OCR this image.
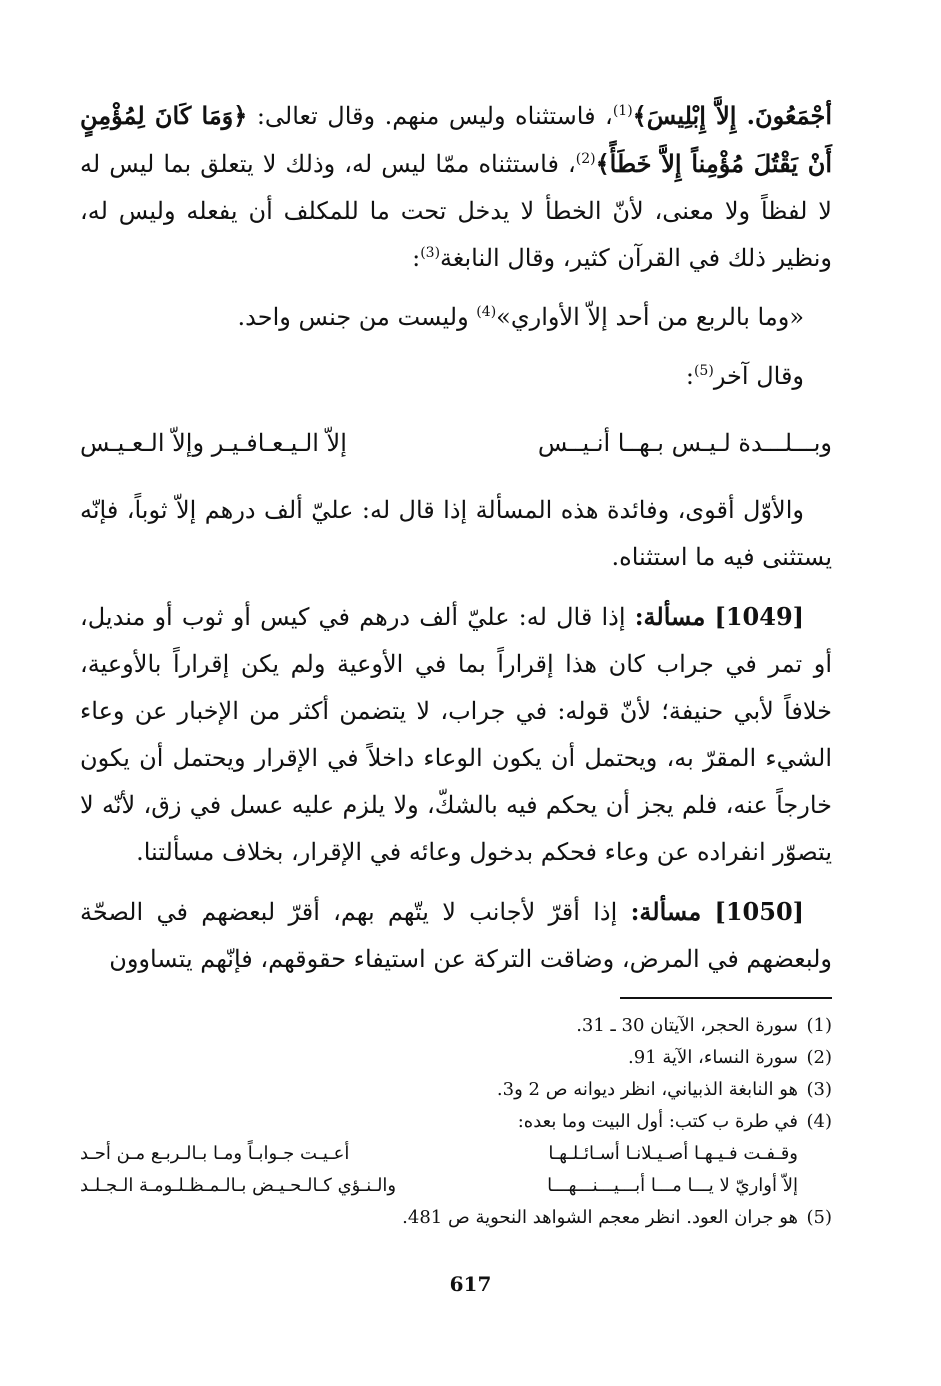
أجْمَعُونَ. إِلاَّ إِبْلِيسَ﴾$^{(1)}$، فاستثناه وليس منهم. وقال تعالى: ﴿وَمَا كَانَ لِمُؤْمِنٍ أَنْ يَقْتُلَ مُؤْمِناً إِلاَّ خَطَأً﴾$^{(2)}$، فاستثناه ممّا ليس له، وذلك لا يتعلق بما ليس له لا لفظاً ولا معنى، لأنّ الخطأ لا يدخل تحت ما للمكلف أن يفعله وليس له، ونظير ذلك في القرآن كثير، وقال النابغة$^{(3)}$:

«وما بالربع من أحد إلاّ الأواري»$^{(4)}$ وليست من جنس واحد.

وقال آخر$^{(5)}$:

وبـــلـــدة لـيـس بـهــا أنـيــس
إلاّ الـيـعـافـيـر وإلاّ الـعـيـس

والأوّل أقوى، وفائدة هذه المسألة إذا قال له: عليّ ألف درهم إلاّ ثوباً، فإنّه يستثنى فيه ما استثناه.

[1049] مسألة: إذا قال له: عليّ ألف درهم في كيس أو ثوب أو منديل، أو تمر في جراب كان هذا إقراراً بما في الأوعية ولم يكن إقراراً بالأوعية، خلافاً لأبي حنيفة؛ لأنّ قوله: في جراب، لا يتضمن أكثر من الإخبار عن وعاء الشيء المقرّ به، ويحتمل أن يكون الوعاء داخلاً في الإقرار ويحتمل أن يكون خارجاً عنه، فلم يجز أن يحكم فيه بالشكّ، ولا يلزم عليه عسل في زق، لأنّه لا يتصوّر انفراده عن وعاء فحكم بدخول وعائه في الإقرار، بخلاف مسألتنا.

[1050] مسألة: إذا أقرّ لأجانب لا يتّهم بهم، أقرّ لبعضهم في الصحّة ولبعضهم في المرض، وضاقت التركة عن استيفاء حقوقهم، فإنّهم يتساوون

(1)
سورة الحجر، الآيتان 30 ـ 31.
(2)
سورة النساء، الآية 91.
(3)
هو النابغة الذبياني، انظر ديوانه ص 2 و3.
(4)
في طرة ب كتب: أول البيت وما بعده:
وقـفـت فـيـهـا أصـيـلانـا أسـائـلـهـا
أعـيـت جـوابـاً ومـا بـالـربـع مـن أحـد
إلاّ أواريّ لا يـــا مـــا أبـــيـــنـــهـــا
والـنـؤي كـالـحـيـض بـالـمـظـلـومـة الـجـلـد
(5)
هو جران العود. انظر معجم الشواهد النحوية ص 481.
617
